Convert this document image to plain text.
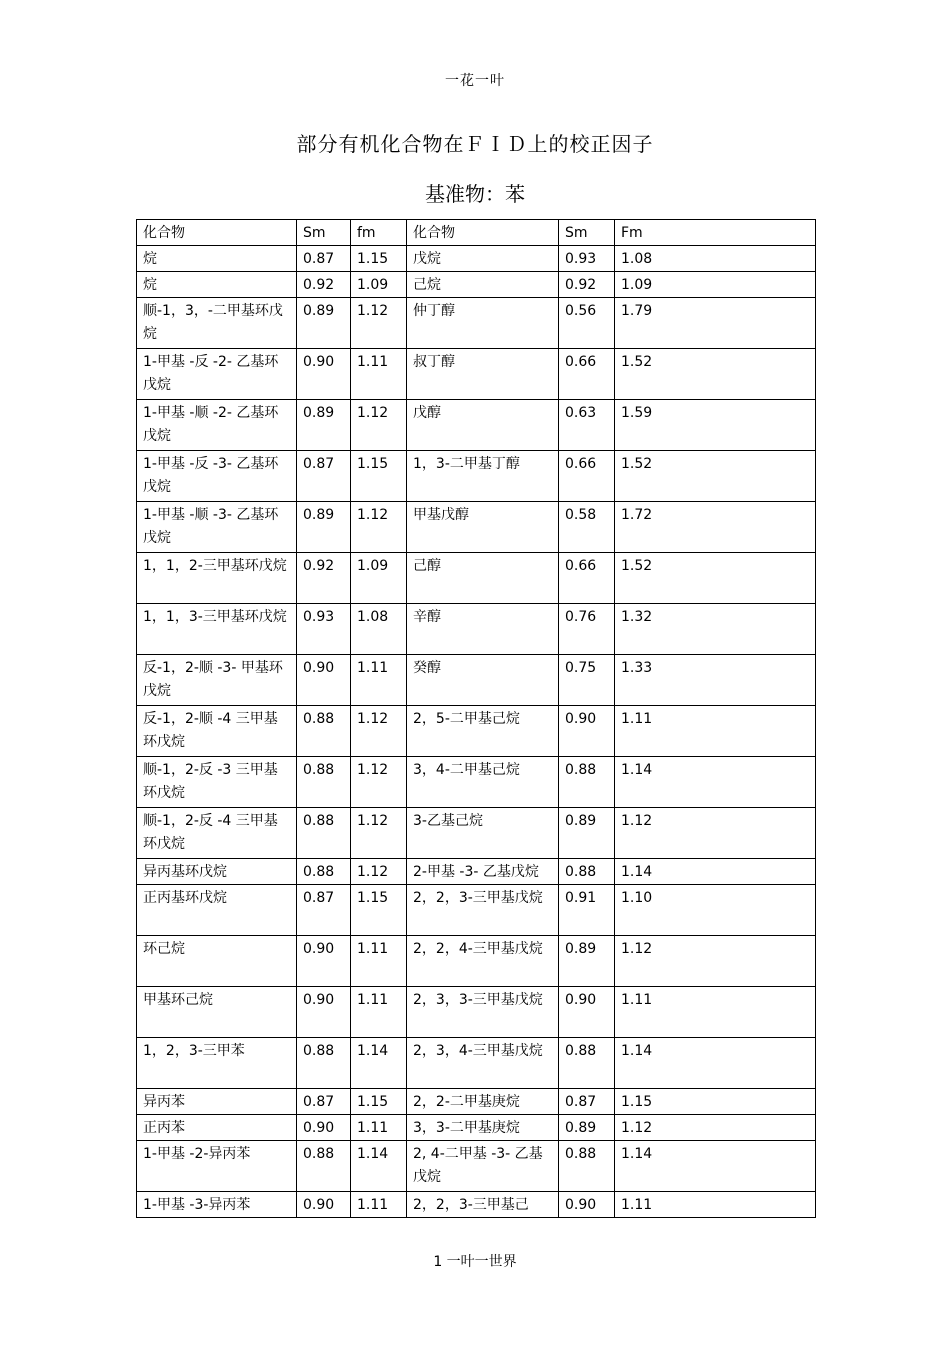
一花一叶
部分有机化合物在ＦＩＤ上的校正因子
基准物：苯
化合物	Sm	fm	化合物	Sm	Fm
烷	0.87	1.15	戊烷	0.93	1.08
烷	0.92	1.09	己烷	0.92	1.09
顺-1，3，-二甲基环戊烷	0.89	1.12	仲丁醇	0.56	1.79
1-甲基 -反 -2- 乙基环戊烷	0.90	1.11	叔丁醇	0.66	1.52
1-甲基 -顺 -2- 乙基环戊烷	0.89	1.12	戊醇	0.63	1.59
1-甲基 -反 -3- 乙基环戊烷	0.87	1.15	1，3-二甲基丁醇	0.66	1.52
1-甲基 -顺 -3- 乙基环戊烷	0.89	1.12	甲基戊醇	0.58	1.72
1，1，2-三甲基环戊烷	0.92	1.09	己醇	0.66	1.52
1，1，3-三甲基环戊烷	0.93	1.08	辛醇	0.76	1.32
反-1，2-顺 -3- 甲基环戊烷	0.90	1.11	癸醇	0.75	1.33
反-1，2-顺 -4 三甲基环戊烷	0.88	1.12	2，5-二甲基己烷	0.90	1.11
顺-1，2-反 -3 三甲基环戊烷	0.88	1.12	3，4-二甲基己烷	0.88	1.14
顺-1，2-反 -4 三甲基环戊烷	0.88	1.12	3-乙基己烷	0.89	1.12
异丙基环戊烷	0.88	1.12	2-甲基 -3- 乙基戊烷	0.88	1.14
正丙基环戊烷	0.87	1.15	2，2，3-三甲基戊烷	0.91	1.10
环己烷	0.90	1.11	2，2，4-三甲基戊烷	0.89	1.12
甲基环己烷	0.90	1.11	2，3，3-三甲基戊烷	0.90	1.11
1，2，3-三甲苯	0.88	1.14	2，3，4-三甲基戊烷	0.88	1.14
异丙苯	0.87	1.15	2，2-二甲基庚烷	0.87	1.15
正丙苯	0.90	1.11	3，3-二甲基庚烷	0.89	1.12
1-甲基 -2-异丙苯	0.88	1.14	2, 4-二甲基 -3- 乙基戊烷	0.88	1.14
1-甲基 -3-异丙苯	0.90	1.11	2，2，3-三甲基己	0.90	1.11
1 一叶一世界
